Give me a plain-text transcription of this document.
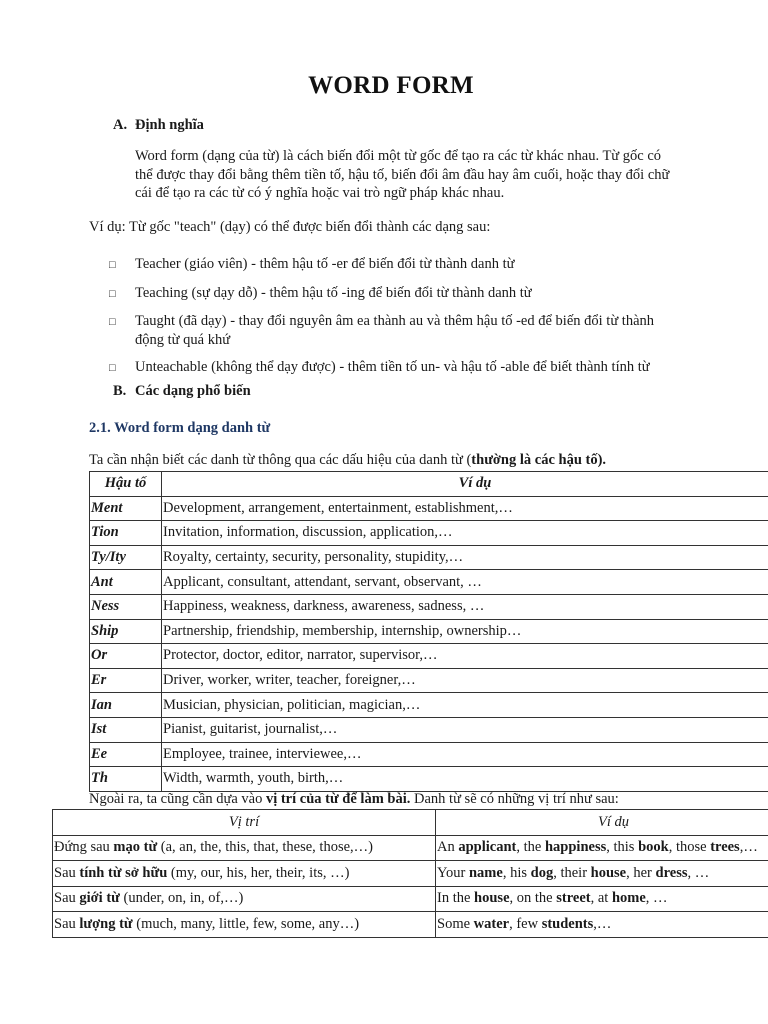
WORD FORM
A. Định nghĩa
Word form (dạng của từ) là cách biến đổi một từ gốc để tạo ra các từ khác nhau. Từ gốc có
thể được thay đổi bằng thêm tiền tố, hậu tố, biến đổi âm đầu hay âm cuối, hoặc thay đổi chữ
cái để tạo ra các từ có ý nghĩa hoặc vai trò ngữ pháp khác nhau.
Ví dụ: Từ gốc "teach" (dạy) có thể được biến đổi thành các dạng sau:
□	Teacher (giáo viên) - thêm hậu tố -er để biến đổi từ thành danh từ
□	Teaching (sự dạy dỗ) - thêm hậu tố -ing để biến đổi từ thành danh từ
□	Taught (đã dạy) - thay đổi nguyên âm ea thành au và thêm hậu tố -ed để biến đổi từ thành
động từ quá khứ
□	Unteachable (không thể dạy được) - thêm tiền tố un- và hậu tố -able để biết thành tính từ
B. Các dạng phổ biến
2.1. Word form dạng danh từ
Ta cần nhận biết các danh từ thông qua các dấu hiệu của danh từ (thường là các hậu tố).
Hậu tố	Ví dụ
Ment	Development, arrangement, entertainment, establishment,…
Tion	Invitation, information, discussion, application,…
Ty/Ity	Royalty, certainty, security, personality, stupidity,…
Ant	Applicant, consultant, attendant, servant, observant, …
Ness	Happiness, weakness, darkness, awareness, sadness, …
Ship	Partnership, friendship, membership, internship, ownership…
Or	Protector, doctor, editor, narrator, supervisor,…
Er	Driver, worker, writer, teacher, foreigner,…
Ian	Musician, physician, politician, magician,…
Ist	Pianist, guitarist, journalist,…
Ee	Employee, trainee, interviewee,…
Th	Width, warmth, youth, birth,…
Ngoài ra, ta cũng cần dựa vào vị trí của từ để làm bài. Danh từ sẽ có những vị trí như sau:
Vị trí	Ví dụ
Đứng sau mạo từ (a, an, the, this, that, these, those,…)	An applicant, the happiness, this book, those trees,…
Sau tính từ sở hữu (my, our, his, her, their, its, …)	Your name, his dog, their house, her dress, …
Sau giới từ (under, on, in, of,…)	In the house, on the street, at home, …
Sau lượng từ (much, many, little, few, some, any…)	Some water, few students,…
